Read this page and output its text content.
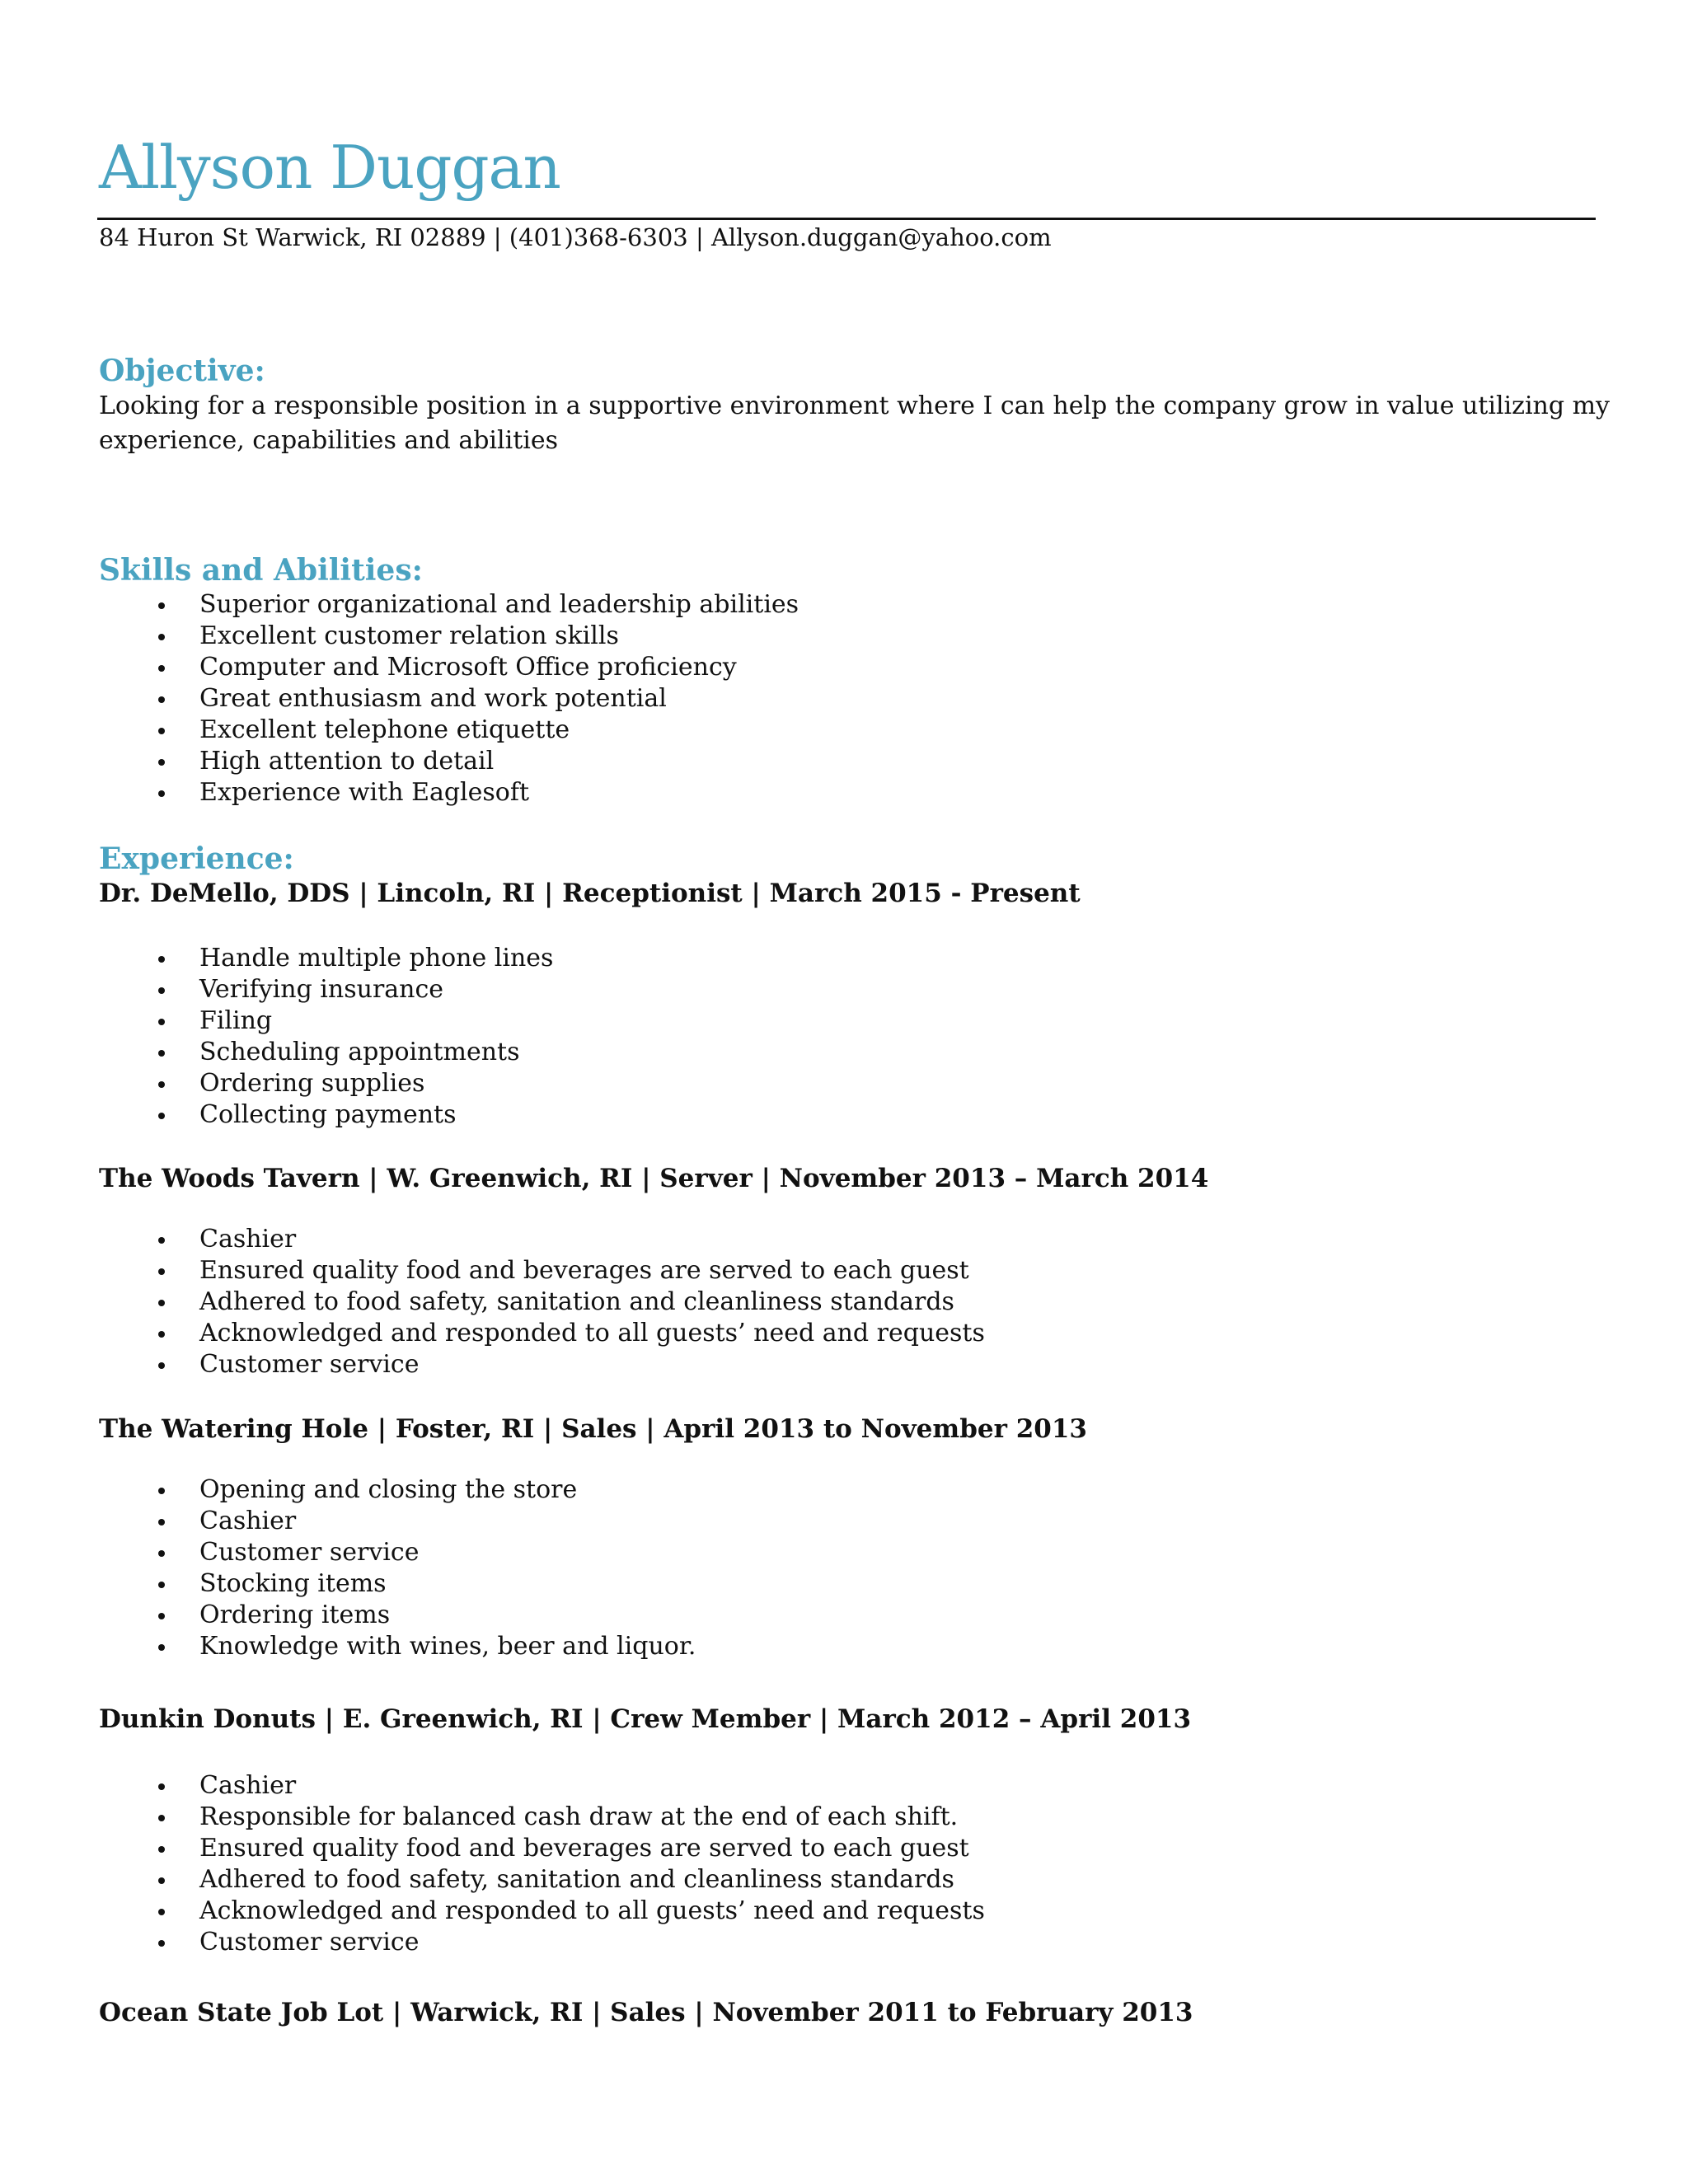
Allyson Duggan
84 Huron St Warwick, RI 02889 | (401)368-6303 | Allyson.duggan@yahoo.com
Objective:
Looking for a responsible position in a supportive environment where I can help the company grow in value utilizing my
experience, capabilities and abilities
Skills and Abilities:
Superior organizational and leadership abilities
Excellent customer relation skills
Computer and Microsoft Office proficiency
Great enthusiasm and work potential
Excellent telephone etiquette
High attention to detail
Experience with Eaglesoft
Experience:
Dr. DeMello, DDS | Lincoln, RI | Receptionist | March 2015 - Present
Handle multiple phone lines
Verifying insurance
Filing
Scheduling appointments
Ordering supplies
Collecting payments
The Woods Tavern | W. Greenwich, RI | Server | November 2013 – March 2014
Cashier
Ensured quality food and beverages are served to each guest
Adhered to food safety, sanitation and cleanliness standards
Acknowledged and responded to all guests’ need and requests
Customer service
The Watering Hole | Foster, RI | Sales | April 2013 to November 2013
Opening and closing the store
Cashier
Customer service
Stocking items
Ordering items
Knowledge with wines, beer and liquor.
Dunkin Donuts | E. Greenwich, RI | Crew Member | March 2012 – April 2013
Cashier
Responsible for balanced cash draw at the end of each shift.
Ensured quality food and beverages are served to each guest
Adhered to food safety, sanitation and cleanliness standards
Acknowledged and responded to all guests’ need and requests
Customer service
Ocean State Job Lot | Warwick, RI | Sales | November 2011 to February 2013
